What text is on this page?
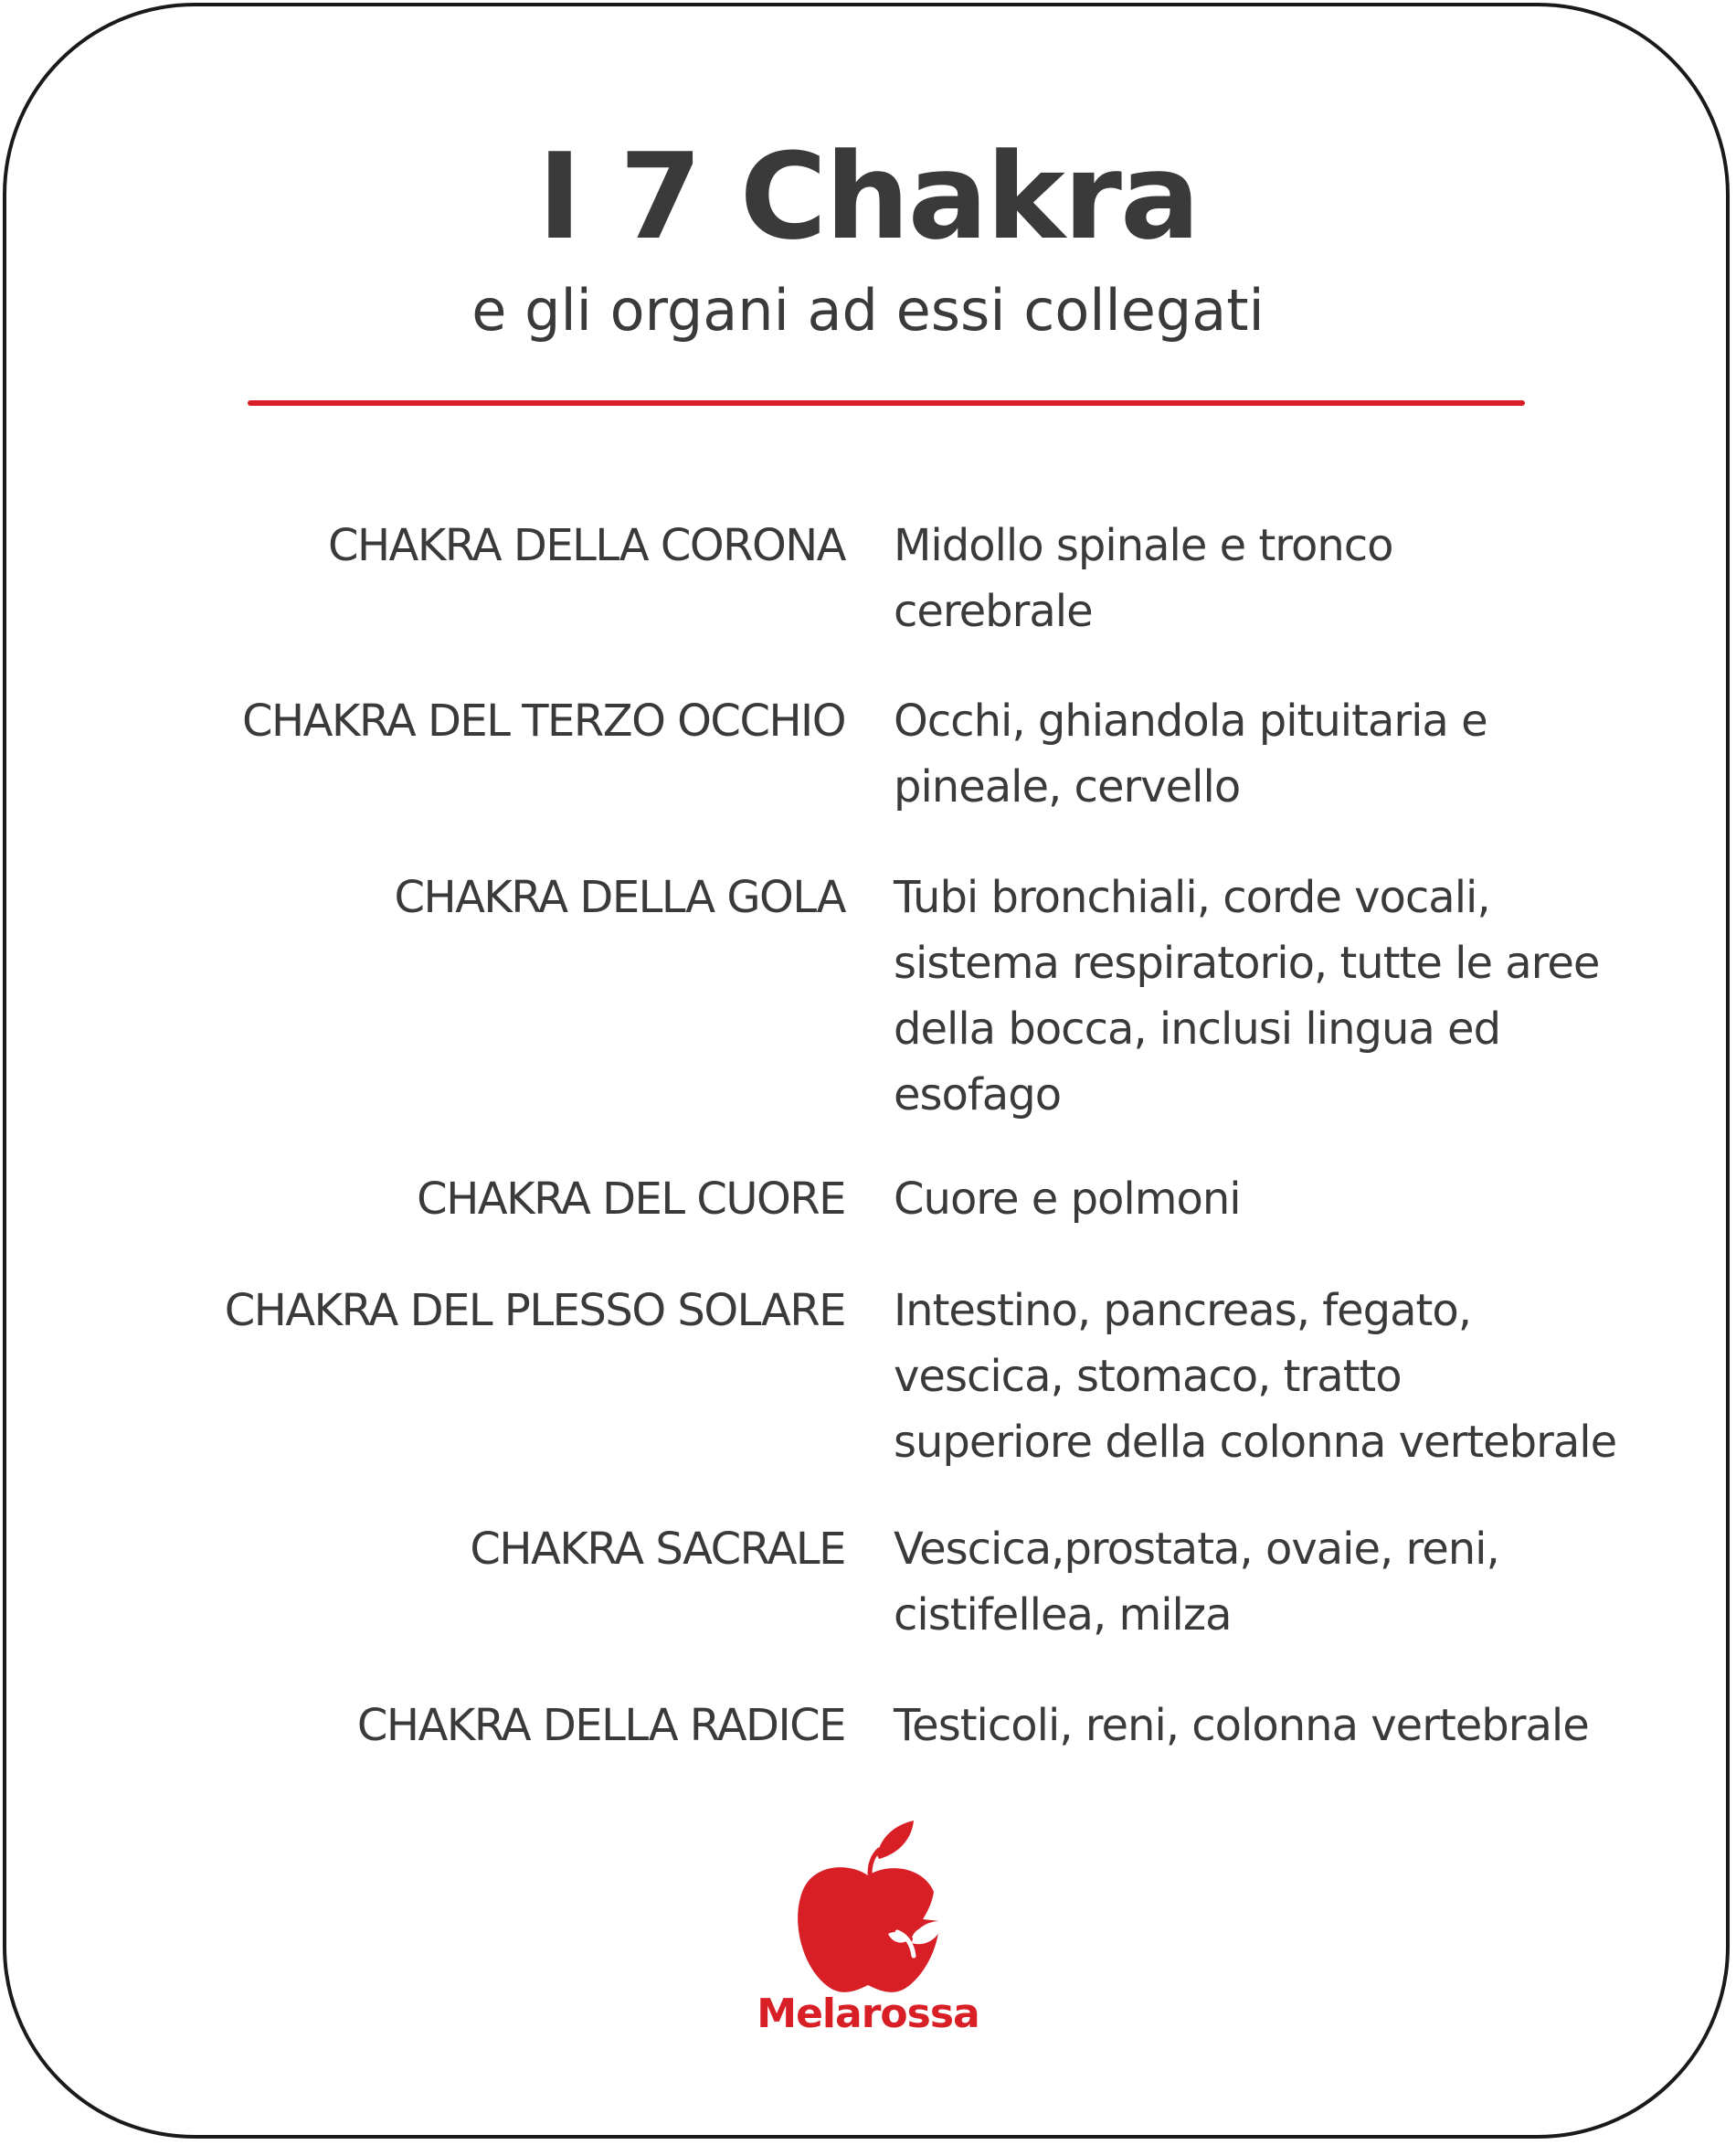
I 7 Chakra
e gli organi ad essi collegati
CHAKRA DELLA CORONA Midollo spinale e tronco
cerebrale
CHAKRA DEL TERZO OCCHIO Occhi, ghiandola pituitaria e
pineale, cervello
CHAKRA DELLA GOLA Tubi bronchiali, corde vocali,
sistema respiratorio, tutte le aree
della bocca, inclusi lingua ed
esofago
CHAKRA DEL CUORE Cuore e polmoni
CHAKRA DEL PLESSO SOLARE Intestino, pancreas, fegato,
vescica, stomaco, tratto
superiore della colonna vertebrale
CHAKRA SACRALE Vescica,prostata, ovaie, reni,
cistifellea, milza
CHAKRA DELLA RADICE Testicoli, reni, colonna vertebrale
Melarossa
